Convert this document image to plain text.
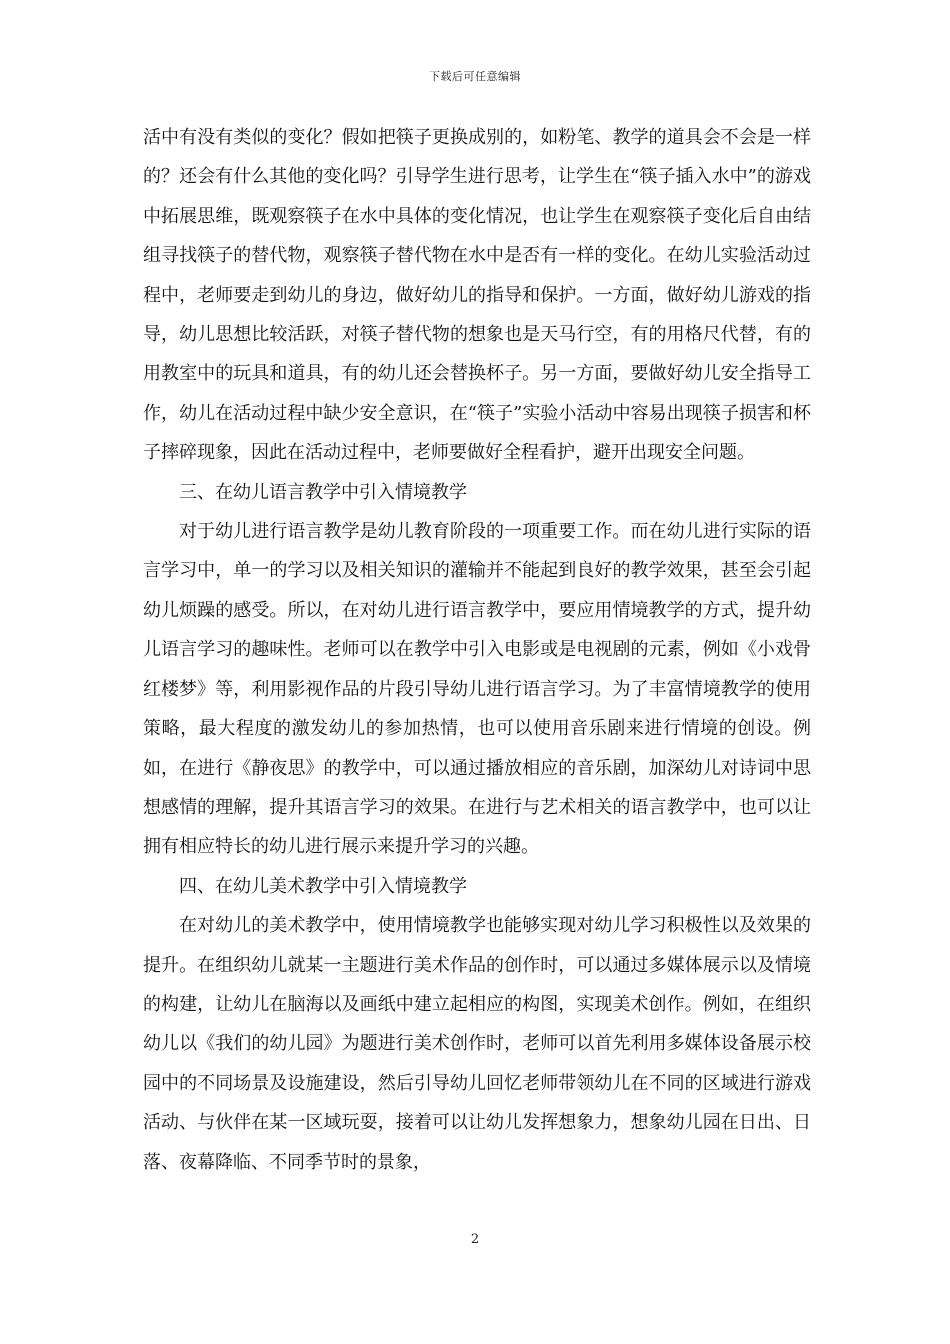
下载后可任意编辑

活中有没有类似的变化？假如把筷子更换成别的，如粉笔、教学的道具会不会是一样的？还会有什么其他的变化吗？引导学生进行思考，让学生在“筷子插入水中”的游戏中拓展思维，既观察筷子在水中具体的变化情况，也让学生在观察筷子变化后自由结组寻找筷子的替代物，观察筷子替代物在水中是否有一样的变化。在幼儿实验活动过程中，老师要走到幼儿的身边，做好幼儿的指导和保护。一方面，做好幼儿游戏的指导，幼儿思想比较活跃，对筷子替代物的想象也是天马行空，有的用格尺代替，有的用教室中的玩具和道具，有的幼儿还会替换杯子。另一方面，要做好幼儿安全指导工作，幼儿在活动过程中缺少安全意识，在“筷子”实验小活动中容易出现筷子损害和杯子摔碎现象，因此在活动过程中，老师要做好全程看护，避开出现安全问题。

三、在幼儿语言教学中引入情境教学

对于幼儿进行语言教学是幼儿教育阶段的一项重要工作。而在幼儿进行实际的语言学习中，单一的学习以及相关知识的灌输并不能起到良好的教学效果，甚至会引起幼儿烦躁的感受。所以，在对幼儿进行语言教学中，要应用情境教学的方式，提升幼儿语言学习的趣味性。老师可以在教学中引入电影或是电视剧的元素，例如《小戏骨红楼梦》等，利用影视作品的片段引导幼儿进行语言学习。为了丰富情境教学的使用策略，最大程度的激发幼儿的参加热情，也可以使用音乐剧来进行情境的创设。例如，在进行《静夜思》的教学中，可以通过播放相应的音乐剧，加深幼儿对诗词中思想感情的理解，提升其语言学习的效果。在进行与艺术相关的语言教学中，也可以让拥有相应特长的幼儿进行展示来提升学习的兴趣。

四、在幼儿美术教学中引入情境教学

在对幼儿的美术教学中，使用情境教学也能够实现对幼儿学习积极性以及效果的提升。在组织幼儿就某一主题进行美术作品的创作时，可以通过多媒体展示以及情境的构建，让幼儿在脑海以及画纸中建立起相应的构图，实现美术创作。例如，在组织幼儿以《我们的幼儿园》为题进行美术创作时，老师可以首先利用多媒体设备展示校园中的不同场景及设施建设，然后引导幼儿回忆老师带领幼儿在不同的区域进行游戏活动、与伙伴在某一区域玩耍，接着可以让幼儿发挥想象力，想象幼儿园在日出、日落、夜幕降临、不同季节时的景象，

2
